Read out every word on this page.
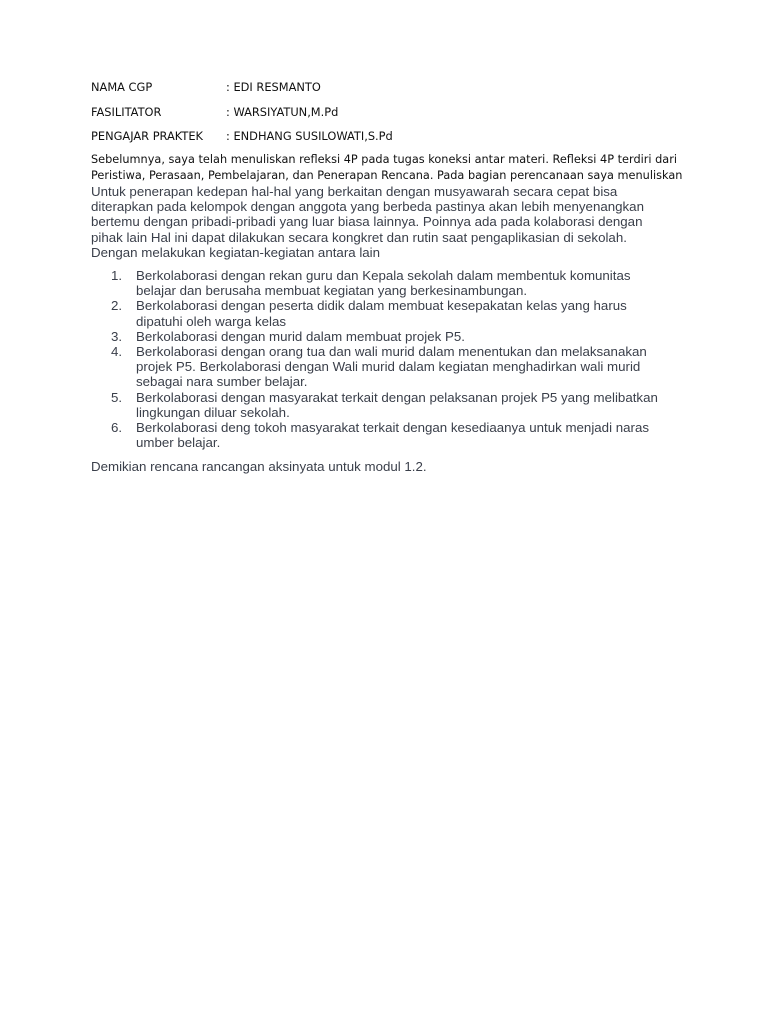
NAMA CGP	: EDI RESMANTO
FASILITATOR	: WARSIYATUN,M.Pd
PENGAJAR PRAKTEK : ENDHANG SUSILOWATI,S.Pd
Sebelumnya, saya telah menuliskan refleksi 4P pada tugas koneksi antar materi. Refleksi 4P terdiri dari
Peristiwa, Perasaan, Pembelajaran, dan Penerapan Rencana. Pada bagian perencanaan saya menuliskan
Untuk penerapan kedepan hal-hal yang berkaitan dengan musyawarah secara cepat bisa
diterapkan pada kelompok dengan anggota yang berbeda pastinya akan lebih menyenangkan
bertemu dengan pribadi-pribadi yang luar biasa lainnya. Poinnya ada pada kolaborasi dengan
pihak lain Hal ini dapat dilakukan secara kongkret dan rutin saat pengaplikasian di sekolah.
Dengan melakukan kegiatan-kegiatan antara lain
1. Berkolaborasi dengan rekan guru dan Kepala sekolah dalam membentuk komunitas
belajar dan berusaha membuat kegiatan yang berkesinambungan.
2. Berkolaborasi dengan peserta didik dalam membuat kesepakatan kelas yang harus
dipatuhi oleh warga kelas
3. Berkolaborasi dengan murid dalam membuat projek P5.
4. Berkolaborasi dengan orang tua dan wali murid dalam menentukan dan melaksanakan
projek P5. Berkolaborasi dengan Wali murid dalam kegiatan menghadirkan wali murid
sebagai nara sumber belajar.
5. Berkolaborasi dengan masyarakat terkait dengan pelaksanan projek P5 yang melibatkan
lingkungan diluar sekolah.
6. Berkolaborasi deng tokoh masyarakat terkait dengan kesediaanya untuk menjadi naras
umber belajar.
Demikian rencana rancangan aksinyata untuk modul 1.2.
